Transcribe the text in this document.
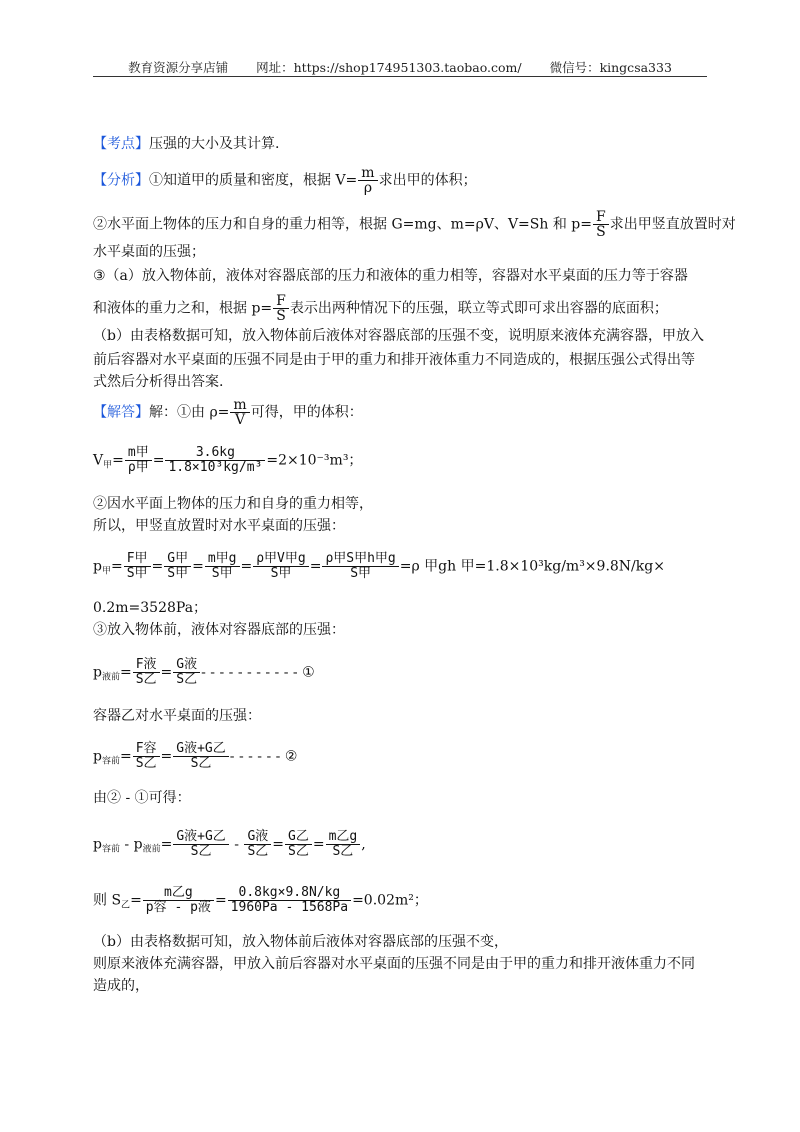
教育资源分享店铺 网址：https://shop174951303.taobao.com/ 微信号：kingcsa333
【考点】压强的大小及其计算.
【分析】①知道甲的质量和密度，根据 $V= \frac{m}{\rho}$ 求出甲的体积；
②水平面上物体的压力和自身的重力相等，根据 G=mg、m=ρV、V=Sh 和 $p= \frac{F}{S}$ 求出甲竖直放置时对
水平桌面的压强；
③（a）放入物体前，液体对容器底部的压力和液体的重力相等，容器对水平桌面的压力等于容器
和液体的重力之和，根据 $p= \frac{F}{S}$ 表示出两种情况下的压强，联立等式即可求出容器的底面积；
（b）由表格数据可知，放入物体前后液体对容器底部的压强不变，说明原来液体充满容器，甲放入
前后容器对水平桌面的压强不同是由于甲的重力和排开液体重力不同造成的，根据压强公式得出等
式然后分析得出答案.
【解答】解：①由 $\rho= \frac{m}{V}$ 可得，甲的体积：
$V_甲= \frac{\text{m甲}}{\text{ρ甲}} = \frac{3.6kg}{\text{1.8×10³kg/m³}} =2\times 10^{-3}m^3$；
②因水平面上物体的压力和自身的重力相等，
所以，甲竖直放置时对水平桌面的压强：
$p_甲= \frac{\text{F甲}}{\text{S甲}} = \frac{\text{G甲}}{\text{S甲}} = \frac{\text{m甲g}}{\text{S甲}} = \frac{\text{ρ甲V甲g}}{\text{S甲}} = \frac{\text{ρ甲S甲h甲g}}{\text{S甲}} =\rho$ 甲gh 甲=1.8×10³kg/m³×9.8N/kg×
0.2m=3528Pa；
③放入物体前，液体对容器底部的压强：
$p_{液前}= \frac{\text{F液}}{\text{S乙}} = \frac{\text{G液}}{\text{S乙}}$ - - - - - - - - - - - ①
容器乙对水平桌面的压强：
$p_{容前}= \frac{\text{F容}}{\text{S乙}} = \frac{\text{G液+G乙}}{\text{S乙}}$ - - - - - - ②
由② - ①可得：
$p_{容前} - p_{液前}= \frac{\text{G液+G乙}}{\text{S乙}} - \frac{\text{G液}}{\text{S乙}} = \frac{\text{G乙}}{\text{S乙}} = \frac{\text{m乙g}}{\text{S乙}}$ ,
则 $S_乙= \frac{\text{m乙g}}{\text{p容 - p液}} = \frac{0.8kg\times 9.8N/kg}{1960Pa - 1568Pa} =0.02m^2$；
（b）由表格数据可知，放入物体前后液体对容器底部的压强不变，
则原来液体充满容器，甲放入前后容器对水平桌面的压强不同是由于甲的重力和排开液体重力不同
造成的，
